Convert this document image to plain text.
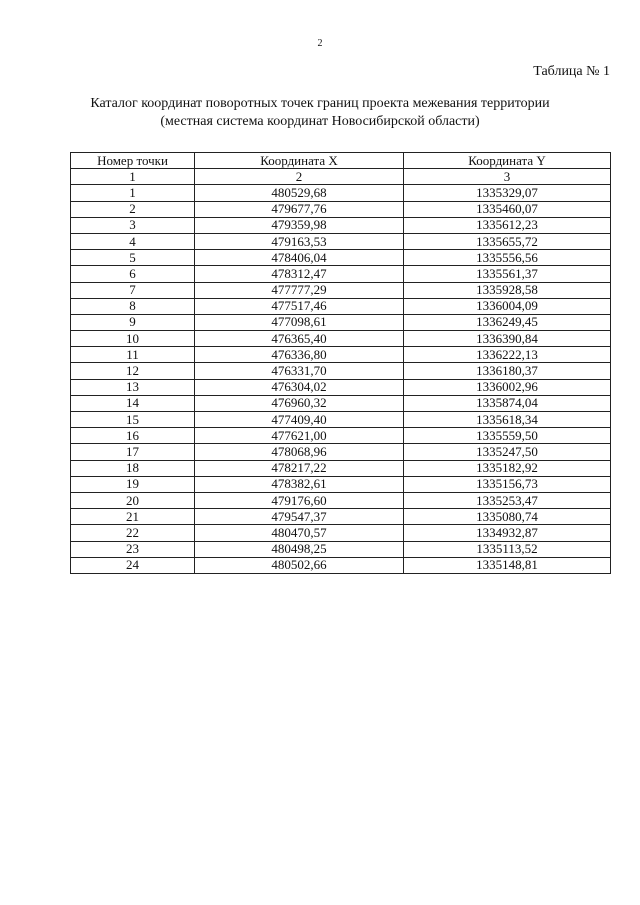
2
Таблица № 1
Каталог координат поворотных точек границ проекта межевания территории
(местная система координат Новосибирской области)
Номер точки	Координата X	Координата Y
1	2	3
1	480529,68	1335329,07
2	479677,76	1335460,07
3	479359,98	1335612,23
4	479163,53	1335655,72
5	478406,04	1335556,56
6	478312,47	1335561,37
7	477777,29	1335928,58
8	477517,46	1336004,09
9	477098,61	1336249,45
10	476365,40	1336390,84
11	476336,80	1336222,13
12	476331,70	1336180,37
13	476304,02	1336002,96
14	476960,32	1335874,04
15	477409,40	1335618,34
16	477621,00	1335559,50
17	478068,96	1335247,50
18	478217,22	1335182,92
19	478382,61	1335156,73
20	479176,60	1335253,47
21	479547,37	1335080,74
22	480470,57	1334932,87
23	480498,25	1335113,52
24	480502,66	1335148,81
